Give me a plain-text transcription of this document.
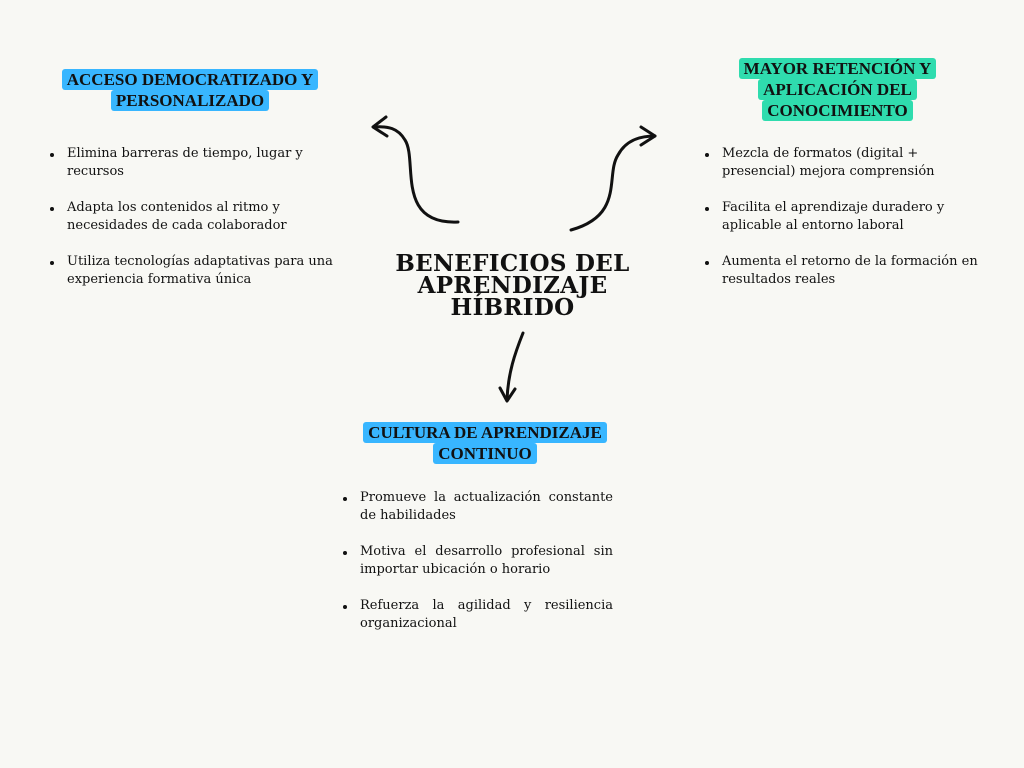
BENEFICIOS DEL
APRENDIZAJE
HÍBRIDO
ACCESO DEMOCRATIZADO Y
PERSONALIZADO
Elimina barreras de tiempo, lugar y recursos
Adapta los contenidos al ritmo y necesidades de cada colaborador
Utiliza tecnologías adaptativas para una experiencia formativa única
MAYOR RETENCIÓN Y
APLICACIÓN DEL
CONOCIMIENTO
Mezcla de formatos (digital + presencial) mejora comprensión
Facilita el aprendizaje duradero y aplicable al entorno laboral
Aumenta el retorno de la formación en resultados reales
CULTURA DE APRENDIZAJE
CONTINUO
Promueve la actualización constante de habilidades
Motiva el desarrollo profesional sin importar ubicación o horario
Refuerza la agilidad y resiliencia organizacional
